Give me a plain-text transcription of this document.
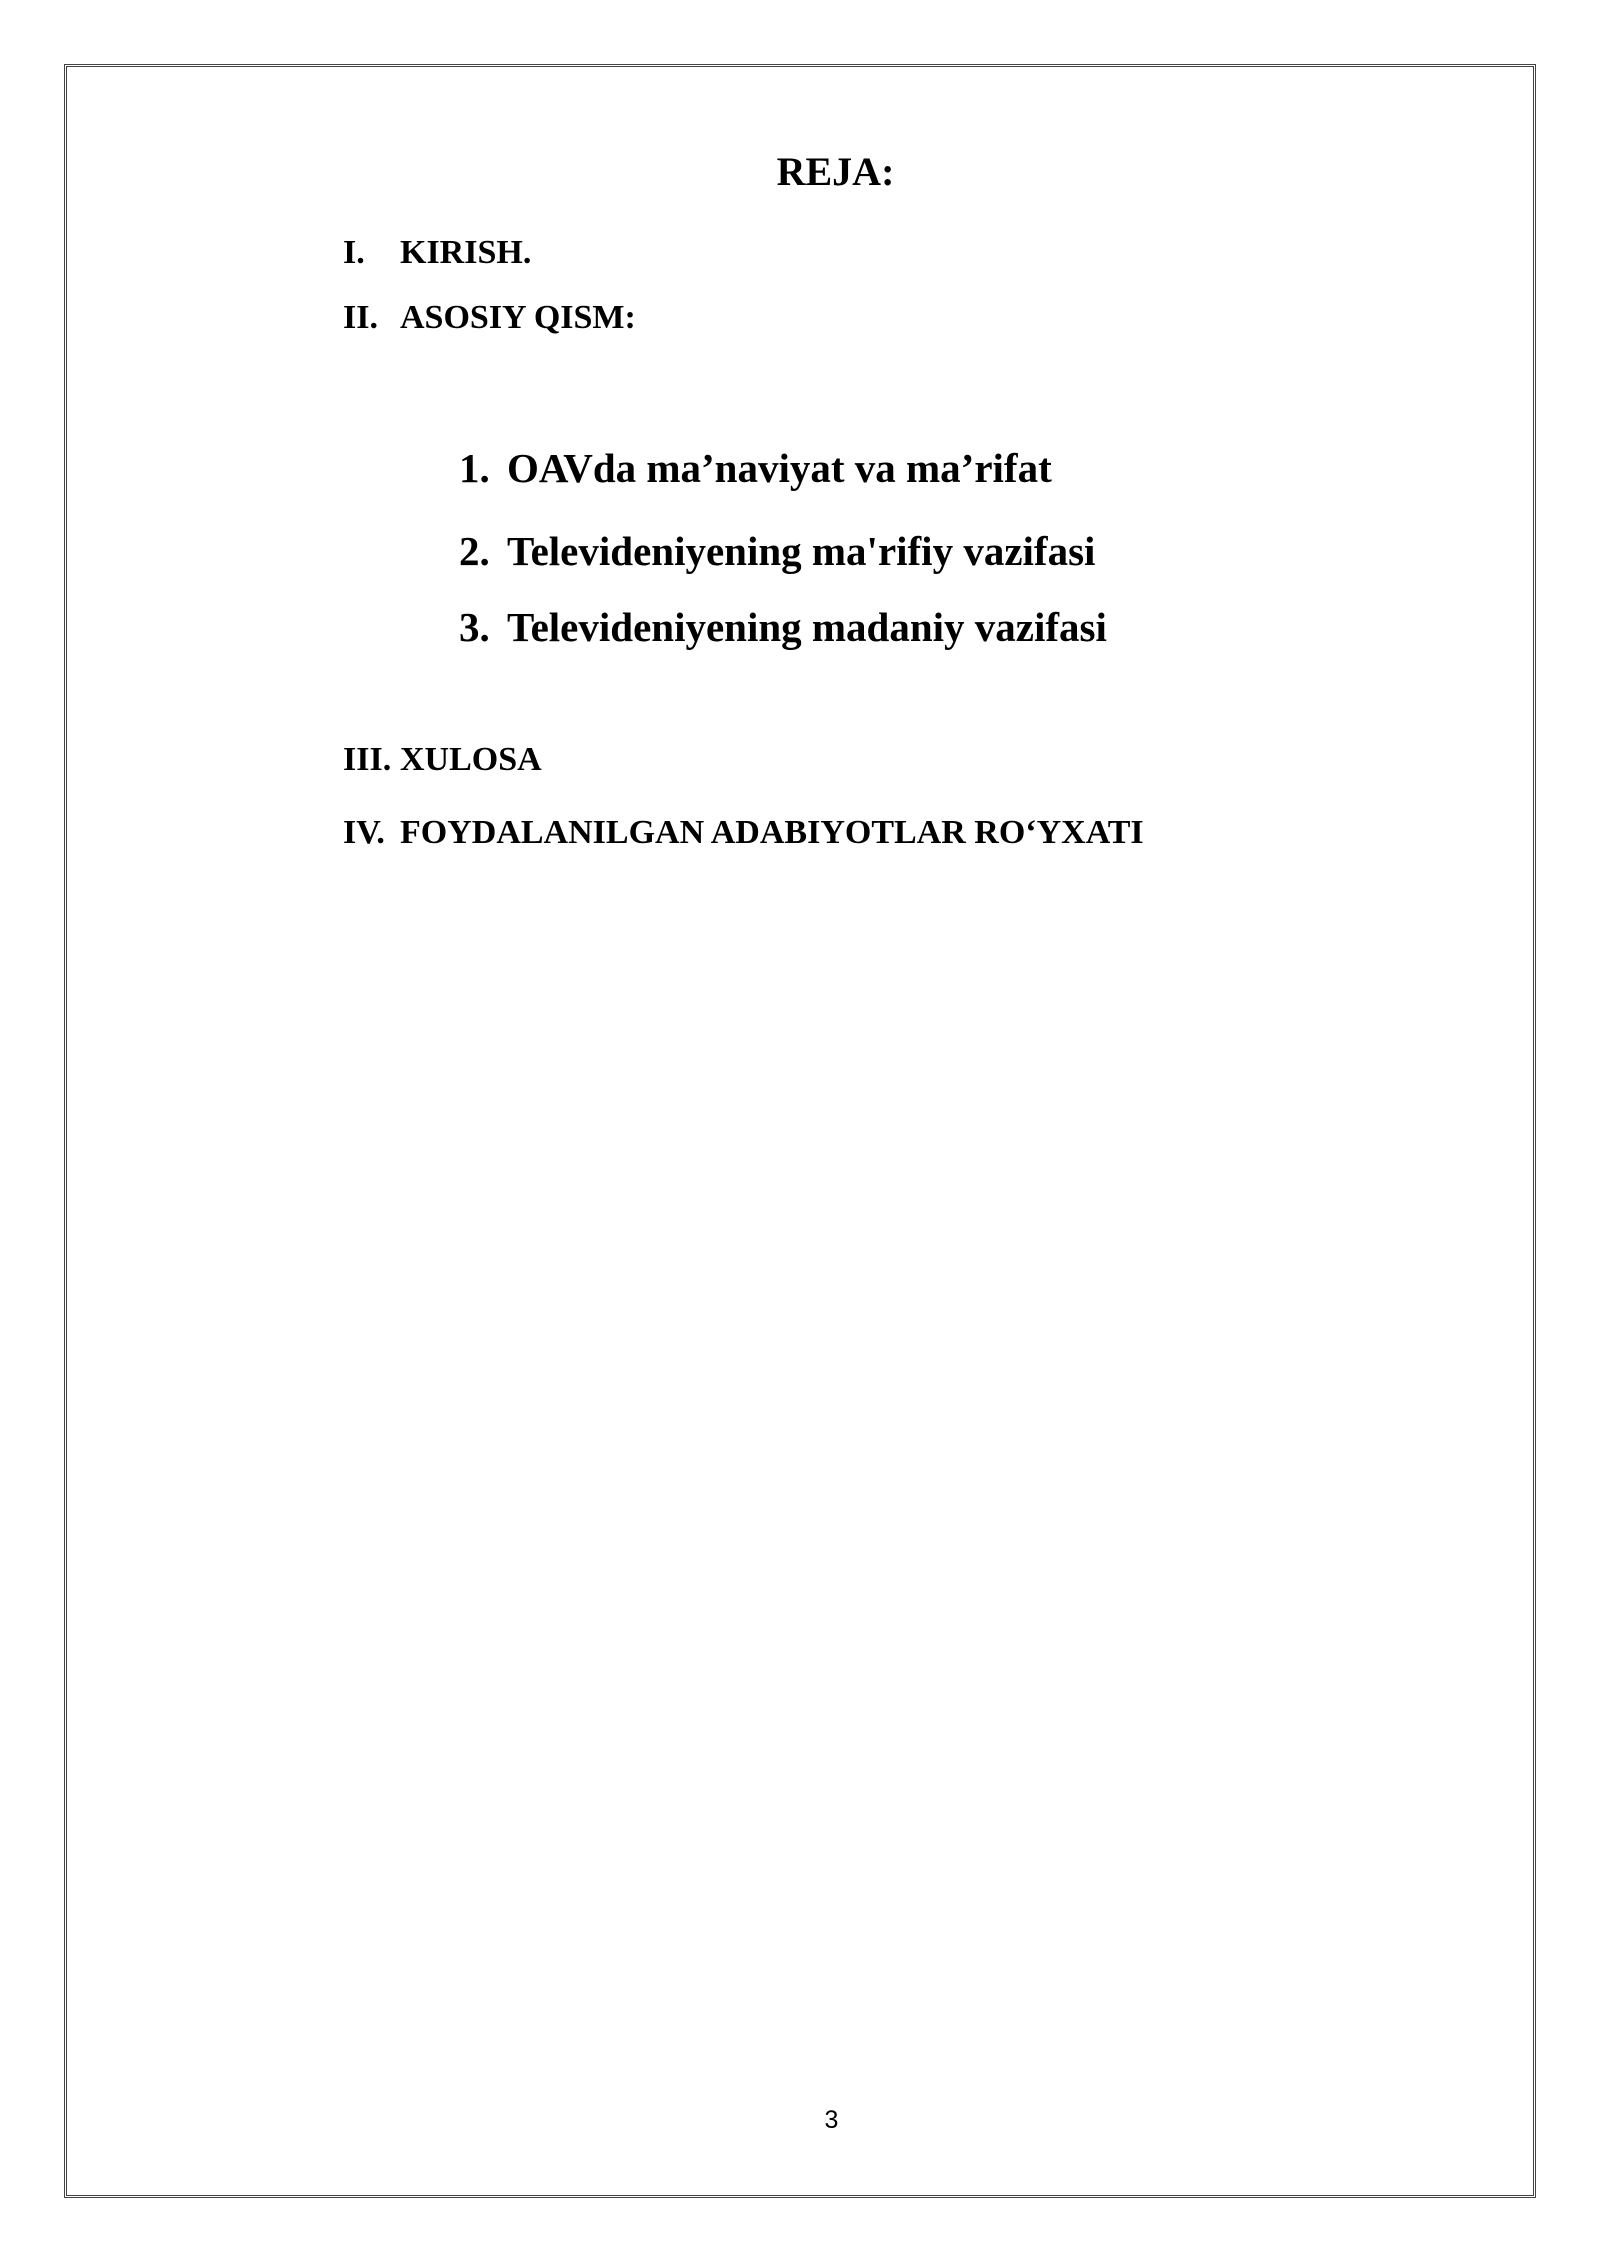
REJA:
I. KIRISH.
II. ASOSIY QISM:
1. OAVda ma’naviyat va ma’rifat
2. Televideniyening ma'rifiy vazifasi
3. Televideniyening madaniy vazifasi
III. XULOSA
IV. FOYDALANILGAN ADABIYOTLAR RO‘YXATI
3
